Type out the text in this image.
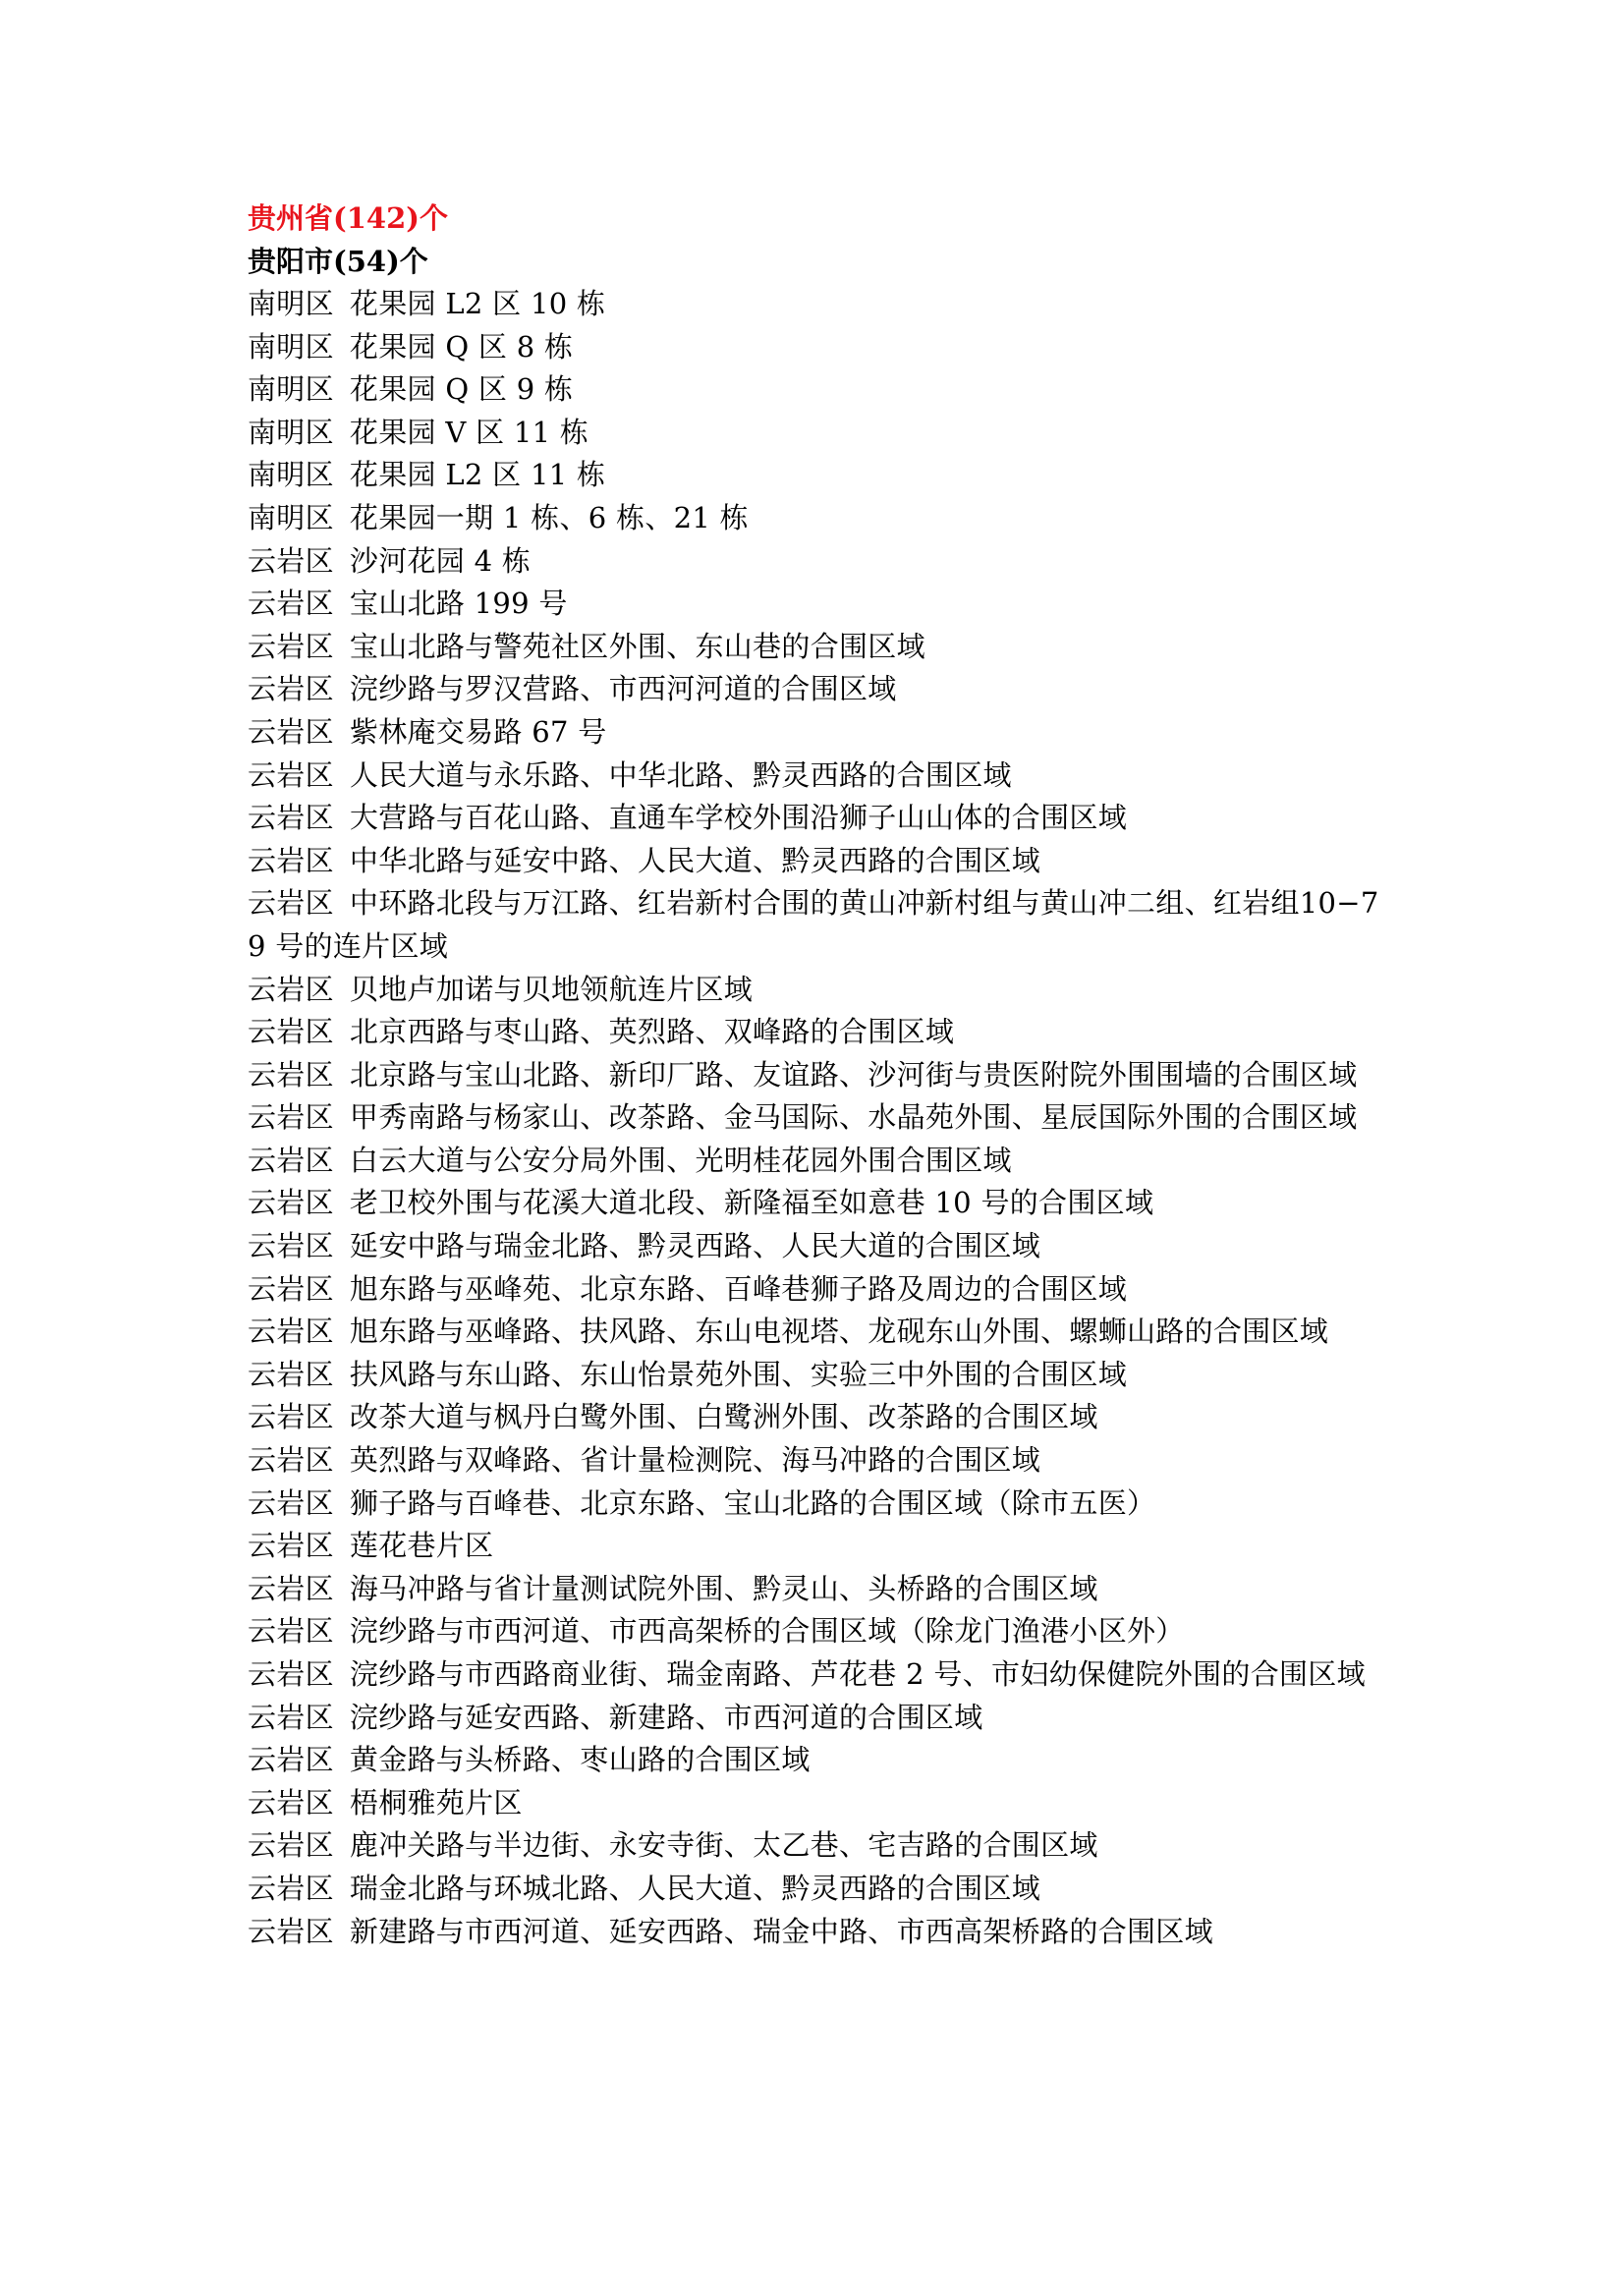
贵州省(142)个
贵阳市(54)个
南明区 花果园 L2 区 10 栋
南明区 花果园 Q 区 8 栋
南明区 花果园 Q 区 9 栋
南明区 花果园 V 区 11 栋
南明区 花果园 L2 区 11 栋
南明区 花果园一期 1 栋、6 栋、21 栋
云岩区 沙河花园 4 栋
云岩区 宝山北路 199 号
云岩区 宝山北路与警苑社区外围、东山巷的合围区域
云岩区 浣纱路与罗汉营路、市西河河道的合围区域
云岩区 紫林庵交易路 67 号
云岩区 人民大道与永乐路、中华北路、黔灵西路的合围区域
云岩区 大营路与百花山路、直通车学校外围沿狮子山山体的合围区域
云岩区 中华北路与延安中路、人民大道、黔灵西路的合围区域
云岩区 中环路北段与万江路、红岩新村合围的黄山冲新村组与黄山冲二组、红岩组10−79 号的连片区域
云岩区 贝地卢加诺与贝地领航连片区域
云岩区 北京西路与枣山路、英烈路、双峰路的合围区域
云岩区 北京路与宝山北路、新印厂路、友谊路、沙河街与贵医附院外围围墙的合围区域
云岩区 甲秀南路与杨家山、改茶路、金马国际、水晶苑外围、星辰国际外围的合围区域
云岩区 白云大道与公安分局外围、光明桂花园外围合围区域
云岩区 老卫校外围与花溪大道北段、新隆福至如意巷 10 号的合围区域
云岩区 延安中路与瑞金北路、黔灵西路、人民大道的合围区域
云岩区 旭东路与巫峰苑、北京东路、百峰巷狮子路及周边的合围区域
云岩区 旭东路与巫峰路、扶风路、东山电视塔、龙砚东山外围、螺蛳山路的合围区域
云岩区 扶风路与东山路、东山怡景苑外围、实验三中外围的合围区域
云岩区 改茶大道与枫丹白鹭外围、白鹭洲外围、改茶路的合围区域
云岩区 英烈路与双峰路、省计量检测院、海马冲路的合围区域
云岩区 狮子路与百峰巷、北京东路、宝山北路的合围区域（除市五医）
云岩区 莲花巷片区
云岩区 海马冲路与省计量测试院外围、黔灵山、头桥路的合围区域
云岩区 浣纱路与市西河道、市西高架桥的合围区域（除龙门渔港小区外）
云岩区 浣纱路与市西路商业街、瑞金南路、芦花巷 2 号、市妇幼保健院外围的合围区域
云岩区 浣纱路与延安西路、新建路、市西河道的合围区域
云岩区 黄金路与头桥路、枣山路的合围区域
云岩区 梧桐雅苑片区
云岩区 鹿冲关路与半边街、永安寺街、太乙巷、宅吉路的合围区域
云岩区 瑞金北路与环城北路、人民大道、黔灵西路的合围区域
云岩区 新建路与市西河道、延安西路、瑞金中路、市西高架桥路的合围区域
